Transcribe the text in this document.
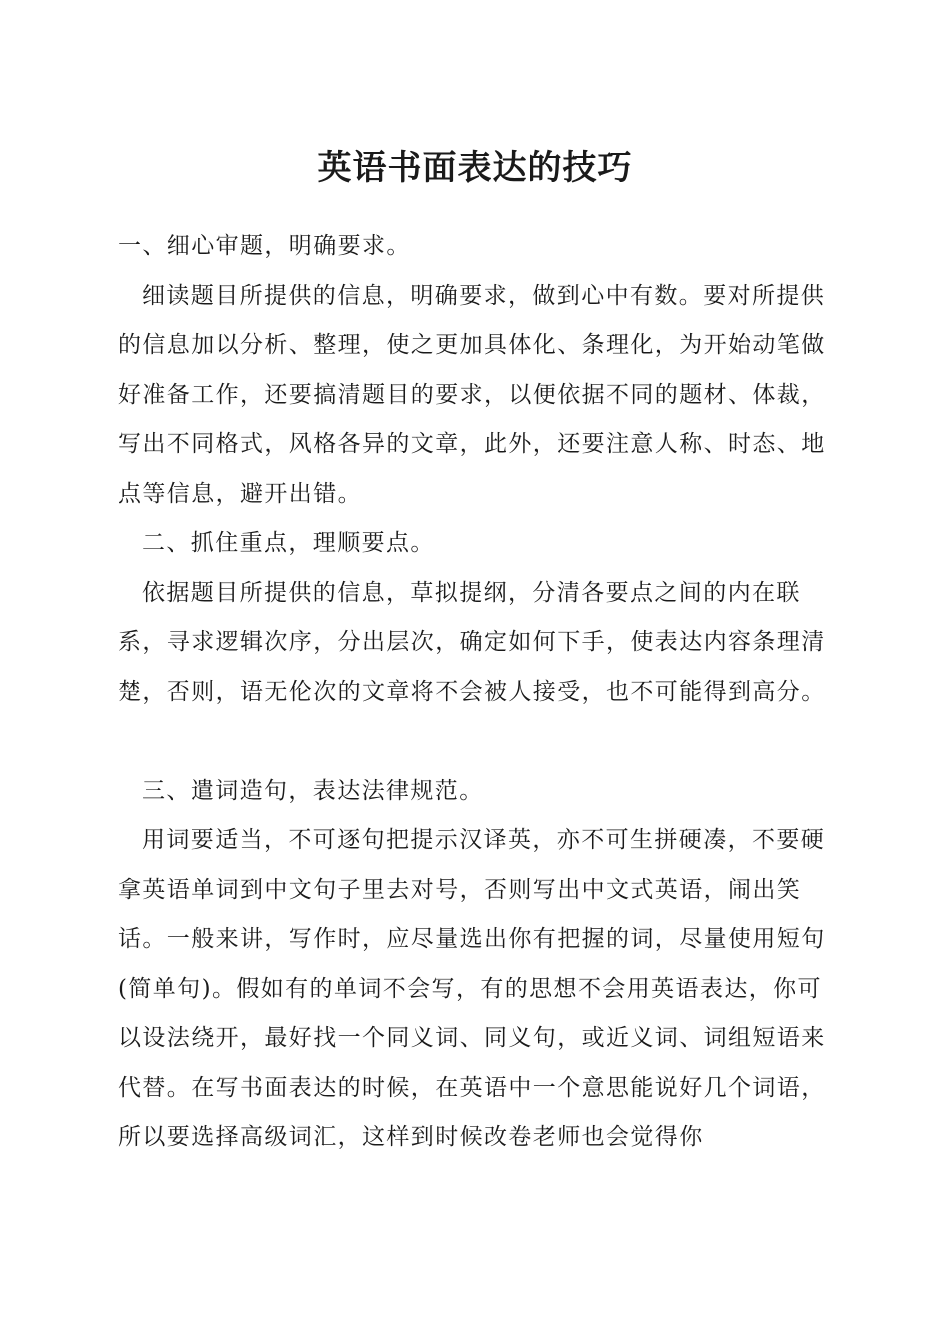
英语书面表达的技巧

一、细心审题，明确要求。

细读题目所提供的信息，明确要求，做到心中有数。要对所提供的信息加以分析、整理，使之更加具体化、条理化，为开始动笔做好准备工作，还要搞清题目的要求，以便依据不同的题材、体裁，写出不同格式，风格各异的文章，此外，还要注意人称、时态、地点等信息，避开出错。

二、抓住重点，理顺要点。

依据题目所提供的信息，草拟提纲，分清各要点之间的内在联系，寻求逻辑次序，分出层次，确定如何下手，使表达内容条理清楚，否则，语无伦次的文章将不会被人接受，也不可能得到高分。

三、遣词造句，表达法律规范。

用词要适当，不可逐句把提示汉译英，亦不可生拼硬凑，不要硬拿英语单词到中文句子里去对号，否则写出中文式英语，闹出笑话。一般来讲，写作时，应尽量选出你有把握的词，尽量使用短句(简单句)。假如有的单词不会写，有的思想不会用英语表达，你可以设法绕开，最好找一个同义词、同义句，或近义词、词组短语来代替。在写书面表达的时候，在英语中一个意思能说好几个词语，所以要选择高级词汇，这样到时候改卷老师也会觉得你
